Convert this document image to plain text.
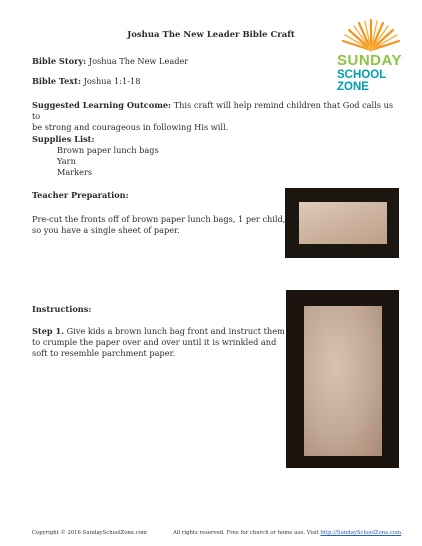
Joshua The New Leader Bible Craft
SUNDAY
SCHOOL ZONE
Bible Story: Joshua The New Leader
Bible Text: Joshua 1:1-18
Suggested Learning Outcome: This craft will help remind children that God calls us to
be strong and courageous in following His will.
Supplies List:
Brown paper lunch bags
Yarn
Markers
Teacher Preparation:
Pre-cut the fronts off of brown paper lunch bags, 1 per child,
so you have a single sheet of paper.
Instructions:
Step 1. Give kids a brown lunch bag front and instruct them
to crumple the paper over and over until it is wrinkled and
soft to resemble parchment paper.
Copyright © 2016 SundaySchoolZone.com	All rights reserved. Free for church or home use. Visit http://SundaySchoolZone.com.
